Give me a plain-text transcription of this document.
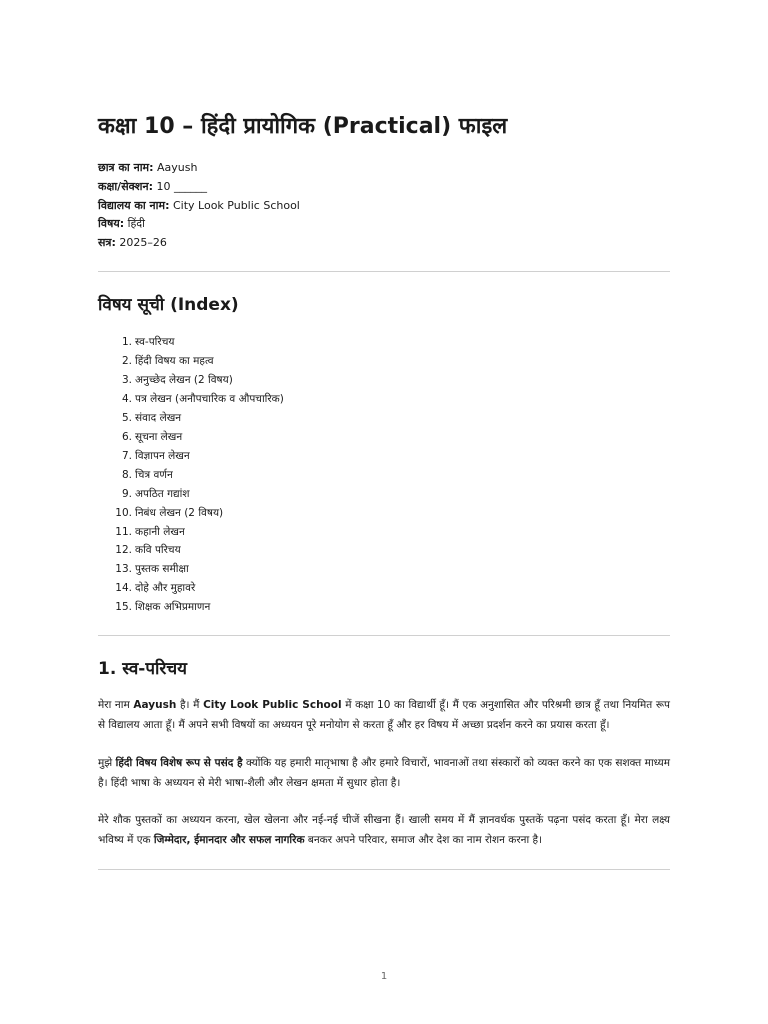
कक्षा 10 – हिंदी प्रायोगिक (Practical) फाइल
छात्र का नाम: Aayush
कक्षा/सेक्शन: 10 ______
विद्यालय का नाम: City Look Public School
विषय: हिंदी
सत्र: 2025–26
विषय सूची (Index)
1. स्व-परिचय
2. हिंदी विषय का महत्व
3. अनुच्छेद लेखन (2 विषय)
4. पत्र लेखन (अनौपचारिक व औपचारिक)
5. संवाद लेखन
6. सूचना लेखन
7. विज्ञापन लेखन
8. चित्र वर्णन
9. अपठित गद्यांश
10. निबंध लेखन (2 विषय)
11. कहानी लेखन
12. कवि परिचय
13. पुस्तक समीक्षा
14. दोहे और मुहावरे
15. शिक्षक अभिप्रमाणन
1. स्व-परिचय

मेरा नाम Aayush है। मैं City Look Public School में कक्षा 10 का विद्यार्थी हूँ। मैं एक अनुशासित और परिश्रमी छात्र हूँ तथा नियमित रूप से विद्यालय आता हूँ। मैं अपने सभी विषयों का अध्ययन पूरे मनोयोग से करता हूँ और हर विषय में अच्छा प्रदर्शन करने का प्रयास करता हूँ।

मुझे हिंदी विषय विशेष रूप से पसंद है क्योंकि यह हमारी मातृभाषा है और हमारे विचारों, भावनाओं तथा संस्कारों को व्यक्त करने का एक सशक्त माध्यम है। हिंदी भाषा के अध्ययन से मेरी भाषा-शैली और लेखन क्षमता में सुधार होता है।

मेरे शौक पुस्तकों का अध्ययन करना, खेल खेलना और नई-नई चीजें सीखना हैं। खाली समय में मैं ज्ञानवर्धक पुस्तकें पढ़ना पसंद करता हूँ। मेरा लक्ष्य भविष्य में एक जिम्मेदार, ईमानदार और सफल नागरिक बनकर अपने परिवार, समाज और देश का नाम रोशन करना है।

1
